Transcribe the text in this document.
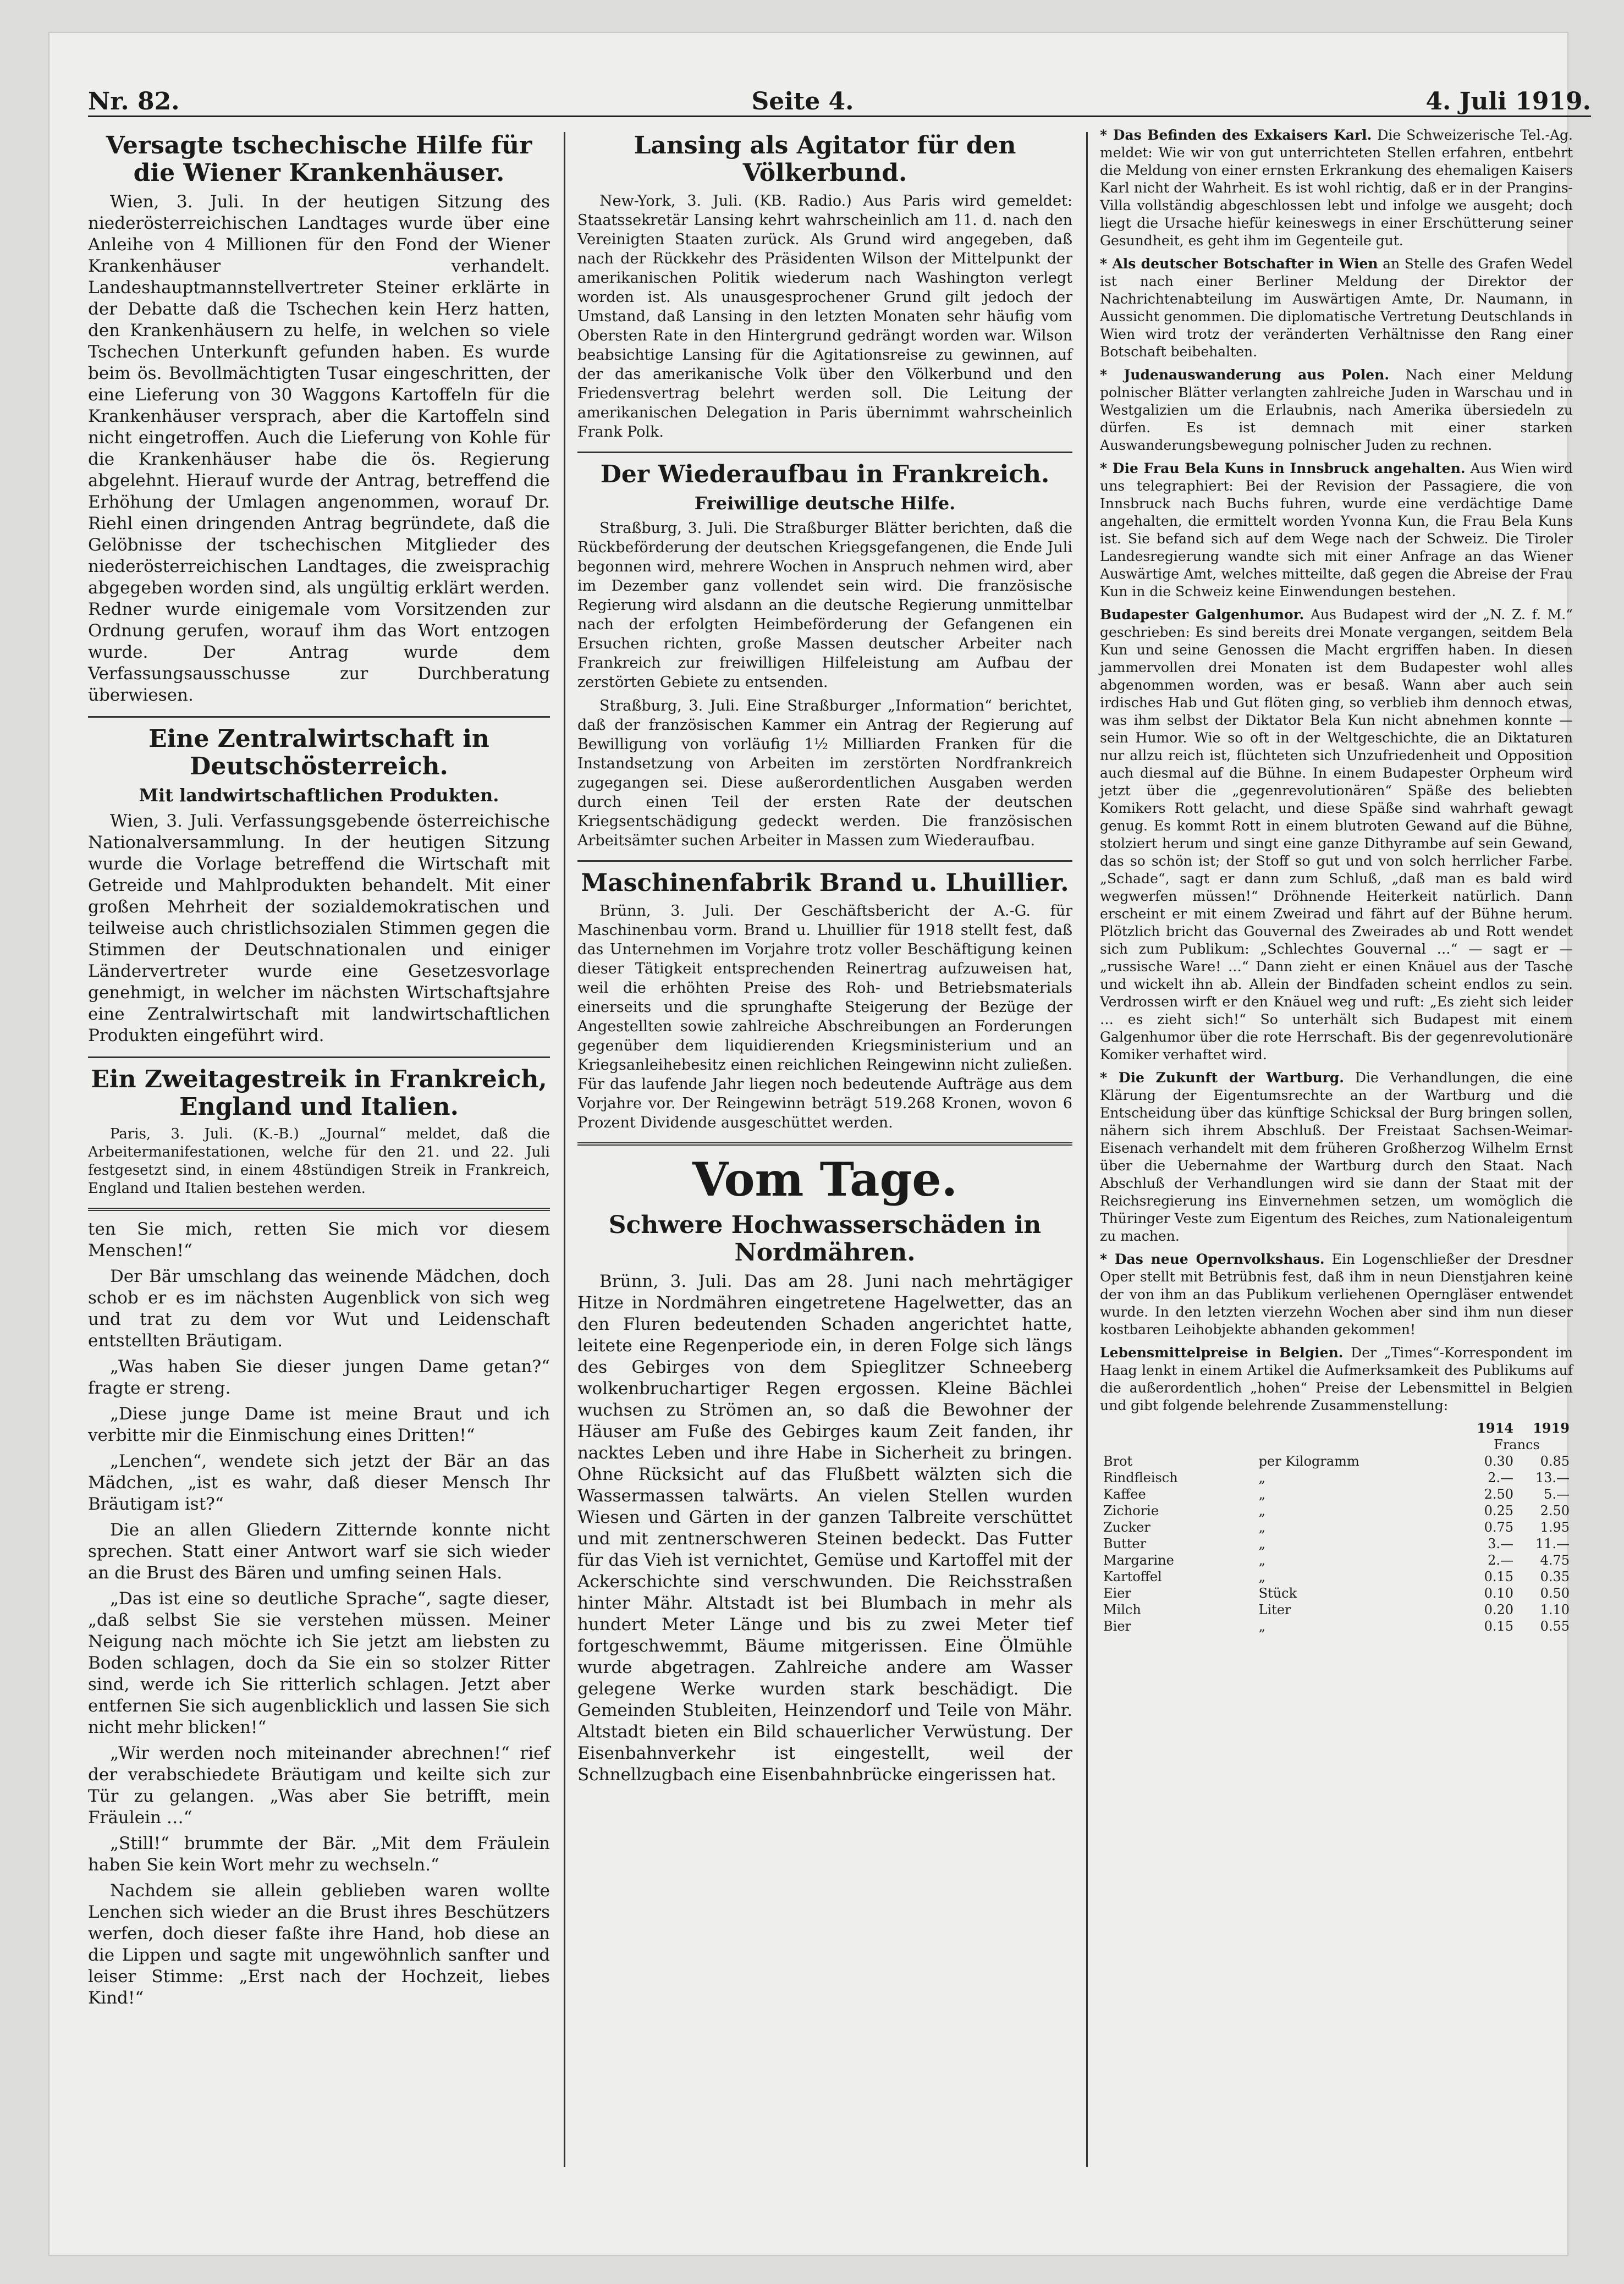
Nr. 82.	Seite 4.	4. Juli 1919.
Versagte tschechische Hilfe für die Wiener Krankenhäuser.

Wien, 3. Juli. In der heutigen Sitzung des niederösterreichischen Landtages wurde über eine Anleihe von 4 Millionen für den Fond der Wiener Krankenhäuser verhandelt. Landeshauptmannstellvertreter Steiner erklärte in der Debatte daß die Tschechen kein Herz hatten, den Krankenhäusern zu helfe, in welchen so viele Tschechen Unterkunft gefunden haben. Es wurde beim ös. Bevollmächtigten Tusar eingeschritten, der eine Lieferung von 30 Waggons Kartoffeln für die Krankenhäuser versprach, aber die Kartoffeln sind nicht eingetroffen. Auch die Lieferung von Kohle für die Krankenhäuser habe die ös. Regierung abgelehnt. Hierauf wurde der Antrag, betreffend die Erhöhung der Umlagen angenommen, worauf Dr. Riehl einen dringenden Antrag begründete, daß die Gelöbnisse der tschechischen Mitglieder des niederösterreichischen Landtages, die zweisprachig abgegeben worden sind, als ungültig erklärt werden. Redner wurde einigemale vom Vorsitzenden zur Ordnung gerufen, worauf ihm das Wort entzogen wurde. Der Antrag wurde dem Verfassungsausschusse zur Durchberatung überwiesen.

Eine Zentralwirtschaft in Deutschösterreich.
Mit landwirtschaftlichen Produkten.

Wien, 3. Juli. Verfassungsgebende österreichische Nationalversammlung. In der heutigen Sitzung wurde die Vorlage betreffend die Wirtschaft mit Getreide und Mahlprodukten behandelt. Mit einer großen Mehrheit der sozialdemokratischen und teilweise auch christlichsozialen Stimmen gegen die Stimmen der Deutschnationalen und einiger Ländervertreter wurde eine Gesetzesvorlage genehmigt, in welcher im nächsten Wirtschaftsjahre eine Zentralwirtschaft mit landwirtschaftlichen Produkten eingeführt wird.

Ein Zweitagestreik in Frankreich, England und Italien.

Paris, 3. Juli. (K.-B.) „Journal“ meldet, daß die Arbeitermanifestationen, welche für den 21. und 22. Juli festgesetzt sind, in einem 48stündigen Streik in Frankreich, England und Italien bestehen werden.

ten Sie mich, retten Sie mich vor diesem Menschen!“

Der Bär umschlang das weinende Mädchen, doch schob er es im nächsten Augenblick von sich weg und trat zu dem vor Wut und Leidenschaft entstellten Bräutigam.

„Was haben Sie dieser jungen Dame getan?“ fragte er streng.

„Diese junge Dame ist meine Braut und ich verbitte mir die Einmischung eines Dritten!“

„Lenchen“, wendete sich jetzt der Bär an das Mädchen, „ist es wahr, daß dieser Mensch Ihr Bräutigam ist?“

Die an allen Gliedern Zitternde konnte nicht sprechen. Statt einer Antwort warf sie sich wieder an die Brust des Bären und umfing seinen Hals.

„Das ist eine so deutliche Sprache“, sagte dieser, „daß selbst Sie sie verstehen müssen. Meiner Neigung nach möchte ich Sie jetzt am liebsten zu Boden schlagen, doch da Sie ein so stolzer Ritter sind, werde ich Sie ritterlich schlagen. Jetzt aber entfernen Sie sich augenblicklich und lassen Sie sich nicht mehr blicken!“

„Wir werden noch miteinander abrechnen!“ rief der verabschiedete Bräutigam und keilte sich zur Tür zu gelangen. „Was aber Sie betrifft, mein Fräulein …“

„Still!“ brummte der Bär. „Mit dem Fräulein haben Sie kein Wort mehr zu wechseln.“

Nachdem sie allein geblieben waren wollte Lenchen sich wieder an die Brust ihres Beschützers werfen, doch dieser faßte ihre Hand, hob diese an die Lippen und sagte mit ungewöhnlich sanfter und leiser Stimme: „Erst nach der Hochzeit, liebes Kind!“

Lansing als Agitator für den Völkerbund.

New-York, 3. Juli. (KB. Radio.) Aus Paris wird gemeldet: Staatssekretär Lansing kehrt wahrscheinlich am 11. d. nach den Vereinigten Staaten zurück. Als Grund wird angegeben, daß nach der Rückkehr des Präsidenten Wilson der Mittelpunkt der amerikanischen Politik wiederum nach Washington verlegt worden ist. Als unausgesprochener Grund gilt jedoch der Umstand, daß Lansing in den letzten Monaten sehr häufig vom Obersten Rate in den Hintergrund gedrängt worden war. Wilson beabsichtige Lansing für die Agitationsreise zu gewinnen, auf der das amerikanische Volk über den Völkerbund und den Friedensvertrag belehrt werden soll. Die Leitung der amerikanischen Delegation in Paris übernimmt wahrscheinlich Frank Polk.

Der Wiederaufbau in Frankreich.
Freiwillige deutsche Hilfe.

Straßburg, 3. Juli. Die Straßburger Blätter berichten, daß die Rückbeförderung der deutschen Kriegsgefangenen, die Ende Juli begonnen wird, mehrere Wochen in Anspruch nehmen wird, aber im Dezember ganz vollendet sein wird. Die französische Regierung wird alsdann an die deutsche Regierung unmittelbar nach der erfolgten Heimbeförderung der Gefangenen ein Ersuchen richten, große Massen deutscher Arbeiter nach Frankreich zur freiwilligen Hilfeleistung am Aufbau der zerstörten Gebiete zu entsenden.

Straßburg, 3. Juli. Eine Straßburger „Information“ berichtet, daß der französischen Kammer ein Antrag der Regierung auf Bewilligung von vorläufig 1½ Milliarden Franken für die Instandsetzung von Arbeiten im zerstörten Nordfrankreich zugegangen sei. Diese außerordentlichen Ausgaben werden durch einen Teil der ersten Rate der deutschen Kriegsentschädigung gedeckt werden. Die französischen Arbeitsämter suchen Arbeiter in Massen zum Wiederaufbau.

Maschinenfabrik Brand u. Lhuillier.

Brünn, 3. Juli. Der Geschäftsbericht der A.-G. für Maschinenbau vorm. Brand u. Lhuillier für 1918 stellt fest, daß das Unternehmen im Vorjahre trotz voller Beschäftigung keinen dieser Tätigkeit entsprechenden Reinertrag aufzuweisen hat, weil die erhöhten Preise des Roh- und Betriebsmaterials einerseits und die sprunghafte Steigerung der Bezüge der Angestellten sowie zahlreiche Abschreibungen an Forderungen gegenüber dem liquidierenden Kriegsministerium und an Kriegsanleihebesitz einen reichlichen Reingewinn nicht zuließen. Für das laufende Jahr liegen noch bedeutende Aufträge aus dem Vorjahre vor. Der Reingewinn beträgt 519.268 Kronen, wovon 6 Prozent Dividende ausgeschüttet werden.

Vom Tage.
Schwere Hochwasserschäden in Nordmähren.

Brünn, 3. Juli. Das am 28. Juni nach mehrtägiger Hitze in Nordmähren eingetretene Hagelwetter, das an den Fluren bedeutenden Schaden angerichtet hatte, leitete eine Regenperiode ein, in deren Folge sich längs des Gebirges von dem Spieglitzer Schneeberg wolkenbruchartiger Regen ergossen. Kleine Bächlei wuchsen zu Strömen an, so daß die Bewohner der Häuser am Fuße des Gebirges kaum Zeit fanden, ihr nacktes Leben und ihre Habe in Sicherheit zu bringen. Ohne Rücksicht auf das Flußbett wälzten sich die Wassermassen talwärts. An vielen Stellen wurden Wiesen und Gärten in der ganzen Talbreite verschüttet und mit zentnerschweren Steinen bedeckt. Das Futter für das Vieh ist vernichtet, Gemüse und Kartoffel mit der Ackerschichte sind verschwunden. Die Reichsstraßen hinter Mähr. Altstadt ist bei Blumbach in mehr als hundert Meter Länge und bis zu zwei Meter tief fortgeschwemmt, Bäume mitgerissen. Eine Ölmühle wurde abgetragen. Zahlreiche andere am Wasser gelegene Werke wurden stark beschädigt. Die Gemeinden Stubleiten, Heinzendorf und Teile von Mähr. Altstadt bieten ein Bild schauerlicher Verwüstung. Der Eisenbahnverkehr ist eingestellt, weil der Schnellzugbach eine Eisenbahnbrücke eingerissen hat.

* Das Befinden des Exkaisers Karl. Die Schweizerische Tel.-Ag. meldet: Wie wir von gut unterrichteten Stellen erfahren, entbehrt die Meldung von einer ernsten Erkrankung des ehemaligen Kaisers Karl nicht der Wahrheit. Es ist wohl richtig, daß er in der Prangins-Villa vollständig abgeschlossen lebt und infolge we ausgeht; doch liegt die Ursache hiefür keineswegs in einer Erschütterung seiner Gesundheit, es geht ihm im Gegenteile gut.

* Als deutscher Botschafter in Wien an Stelle des Grafen Wedel ist nach einer Berliner Meldung der Direktor der Nachrichtenabteilung im Auswärtigen Amte, Dr. Naumann, in Aussicht genommen. Die diplomatische Vertretung Deutschlands in Wien wird trotz der veränderten Verhältnisse den Rang einer Botschaft beibehalten.

* Judenauswanderung aus Polen. Nach einer Meldung polnischer Blätter verlangten zahlreiche Juden in Warschau und in Westgalizien um die Erlaubnis, nach Amerika übersiedeln zu dürfen. Es ist demnach mit einer starken Auswanderungsbewegung polnischer Juden zu rechnen.

* Die Frau Bela Kuns in Innsbruck angehalten. Aus Wien wird uns telegraphiert: Bei der Revision der Passagiere, die von Innsbruck nach Buchs fuhren, wurde eine verdächtige Dame angehalten, die ermittelt worden Yvonna Kun, die Frau Bela Kuns ist. Sie befand sich auf dem Wege nach der Schweiz. Die Tiroler Landesregierung wandte sich mit einer Anfrage an das Wiener Auswärtige Amt, welches mitteilte, daß gegen die Abreise der Frau Kun in die Schweiz keine Einwendungen bestehen.

Budapester Galgenhumor. Aus Budapest wird der „N. Z. f. M.“ geschrieben: Es sind bereits drei Monate vergangen, seitdem Bela Kun und seine Genossen die Macht ergriffen haben. In diesen jammervollen drei Monaten ist dem Budapester wohl alles abgenommen worden, was er besaß. Wann aber auch sein irdisches Hab und Gut flöten ging, so verblieb ihm dennoch etwas, was ihm selbst der Diktator Bela Kun nicht abnehmen konnte — sein Humor. Wie so oft in der Weltgeschichte, die an Diktaturen nur allzu reich ist, flüchteten sich Unzufriedenheit und Opposition auch diesmal auf die Bühne. In einem Budapester Orpheum wird jetzt über die „gegenrevolutionären“ Späße des beliebten Komikers Rott gelacht, und diese Späße sind wahrhaft gewagt genug. Es kommt Rott in einem blutroten Gewand auf die Bühne, stolziert herum und singt eine ganze Dithyrambe auf sein Gewand, das so schön ist; der Stoff so gut und von solch herrlicher Farbe. „Schade“, sagt er dann zum Schluß, „daß man es bald wird wegwerfen müssen!“ Dröhnende Heiterkeit natürlich. Dann erscheint er mit einem Zweirad und fährt auf der Bühne herum. Plötzlich bricht das Gouvernal des Zweirades ab und Rott wendet sich zum Publikum: „Schlechtes Gouvernal …“ — sagt er — „russische Ware! …“ Dann zieht er einen Knäuel aus der Tasche und wickelt ihn ab. Allein der Bindfaden scheint endlos zu sein. Verdrossen wirft er den Knäuel weg und ruft: „Es zieht sich leider … es zieht sich!“ So unterhält sich Budapest mit einem Galgenhumor über die rote Herrschaft. Bis der gegenrevolutionäre Komiker verhaftet wird.

* Die Zukunft der Wartburg. Die Verhandlungen, die eine Klärung der Eigentumsrechte an der Wartburg und die Entscheidung über das künftige Schicksal der Burg bringen sollen, nähern sich ihrem Abschluß. Der Freistaat Sachsen-Weimar-Eisenach verhandelt mit dem früheren Großherzog Wilhelm Ernst über die Uebernahme der Wartburg durch den Staat. Nach Abschluß der Verhandlungen wird sie dann der Staat mit der Reichsregierung ins Einvernehmen setzen, um womöglich die Thüringer Veste zum Eigentum des Reiches, zum Nationaleigentum zu machen.

* Das neue Opernvolkshaus. Ein Logenschließer der Dresdner Oper stellt mit Betrübnis fest, daß ihm in neun Dienstjahren keine der von ihm an das Publikum verliehenen Operngläser entwendet wurde. In den letzten vierzehn Wochen aber sind ihm nun dieser kostbaren Leihobjekte abhanden gekommen!

Lebensmittelpreise in Belgien. Der „Times“-Korrespondent im Haag lenkt in einem Artikel die Aufmerksamkeit des Publikums auf die außerordentlich „hohen“ Preise der Lebensmittel in Belgien und gibt folgende belehrende Zusammenstellung:

		1914	1919
		Francs	
Brot	per Kilogramm	0.30	0.85
Rindfleisch	„	2.—	13.—
Kaffee	„	2.50	5.—
Zichorie	„	0.25	2.50
Zucker	„	0.75	1.95
Butter	„	3.—	11.—
Margarine	„	2.—	4.75
Kartoffel	„	0.15	0.35
Eier	Stück	0.10	0.50
Milch	Liter	0.20	1.10
Bier	„	0.15	0.55
